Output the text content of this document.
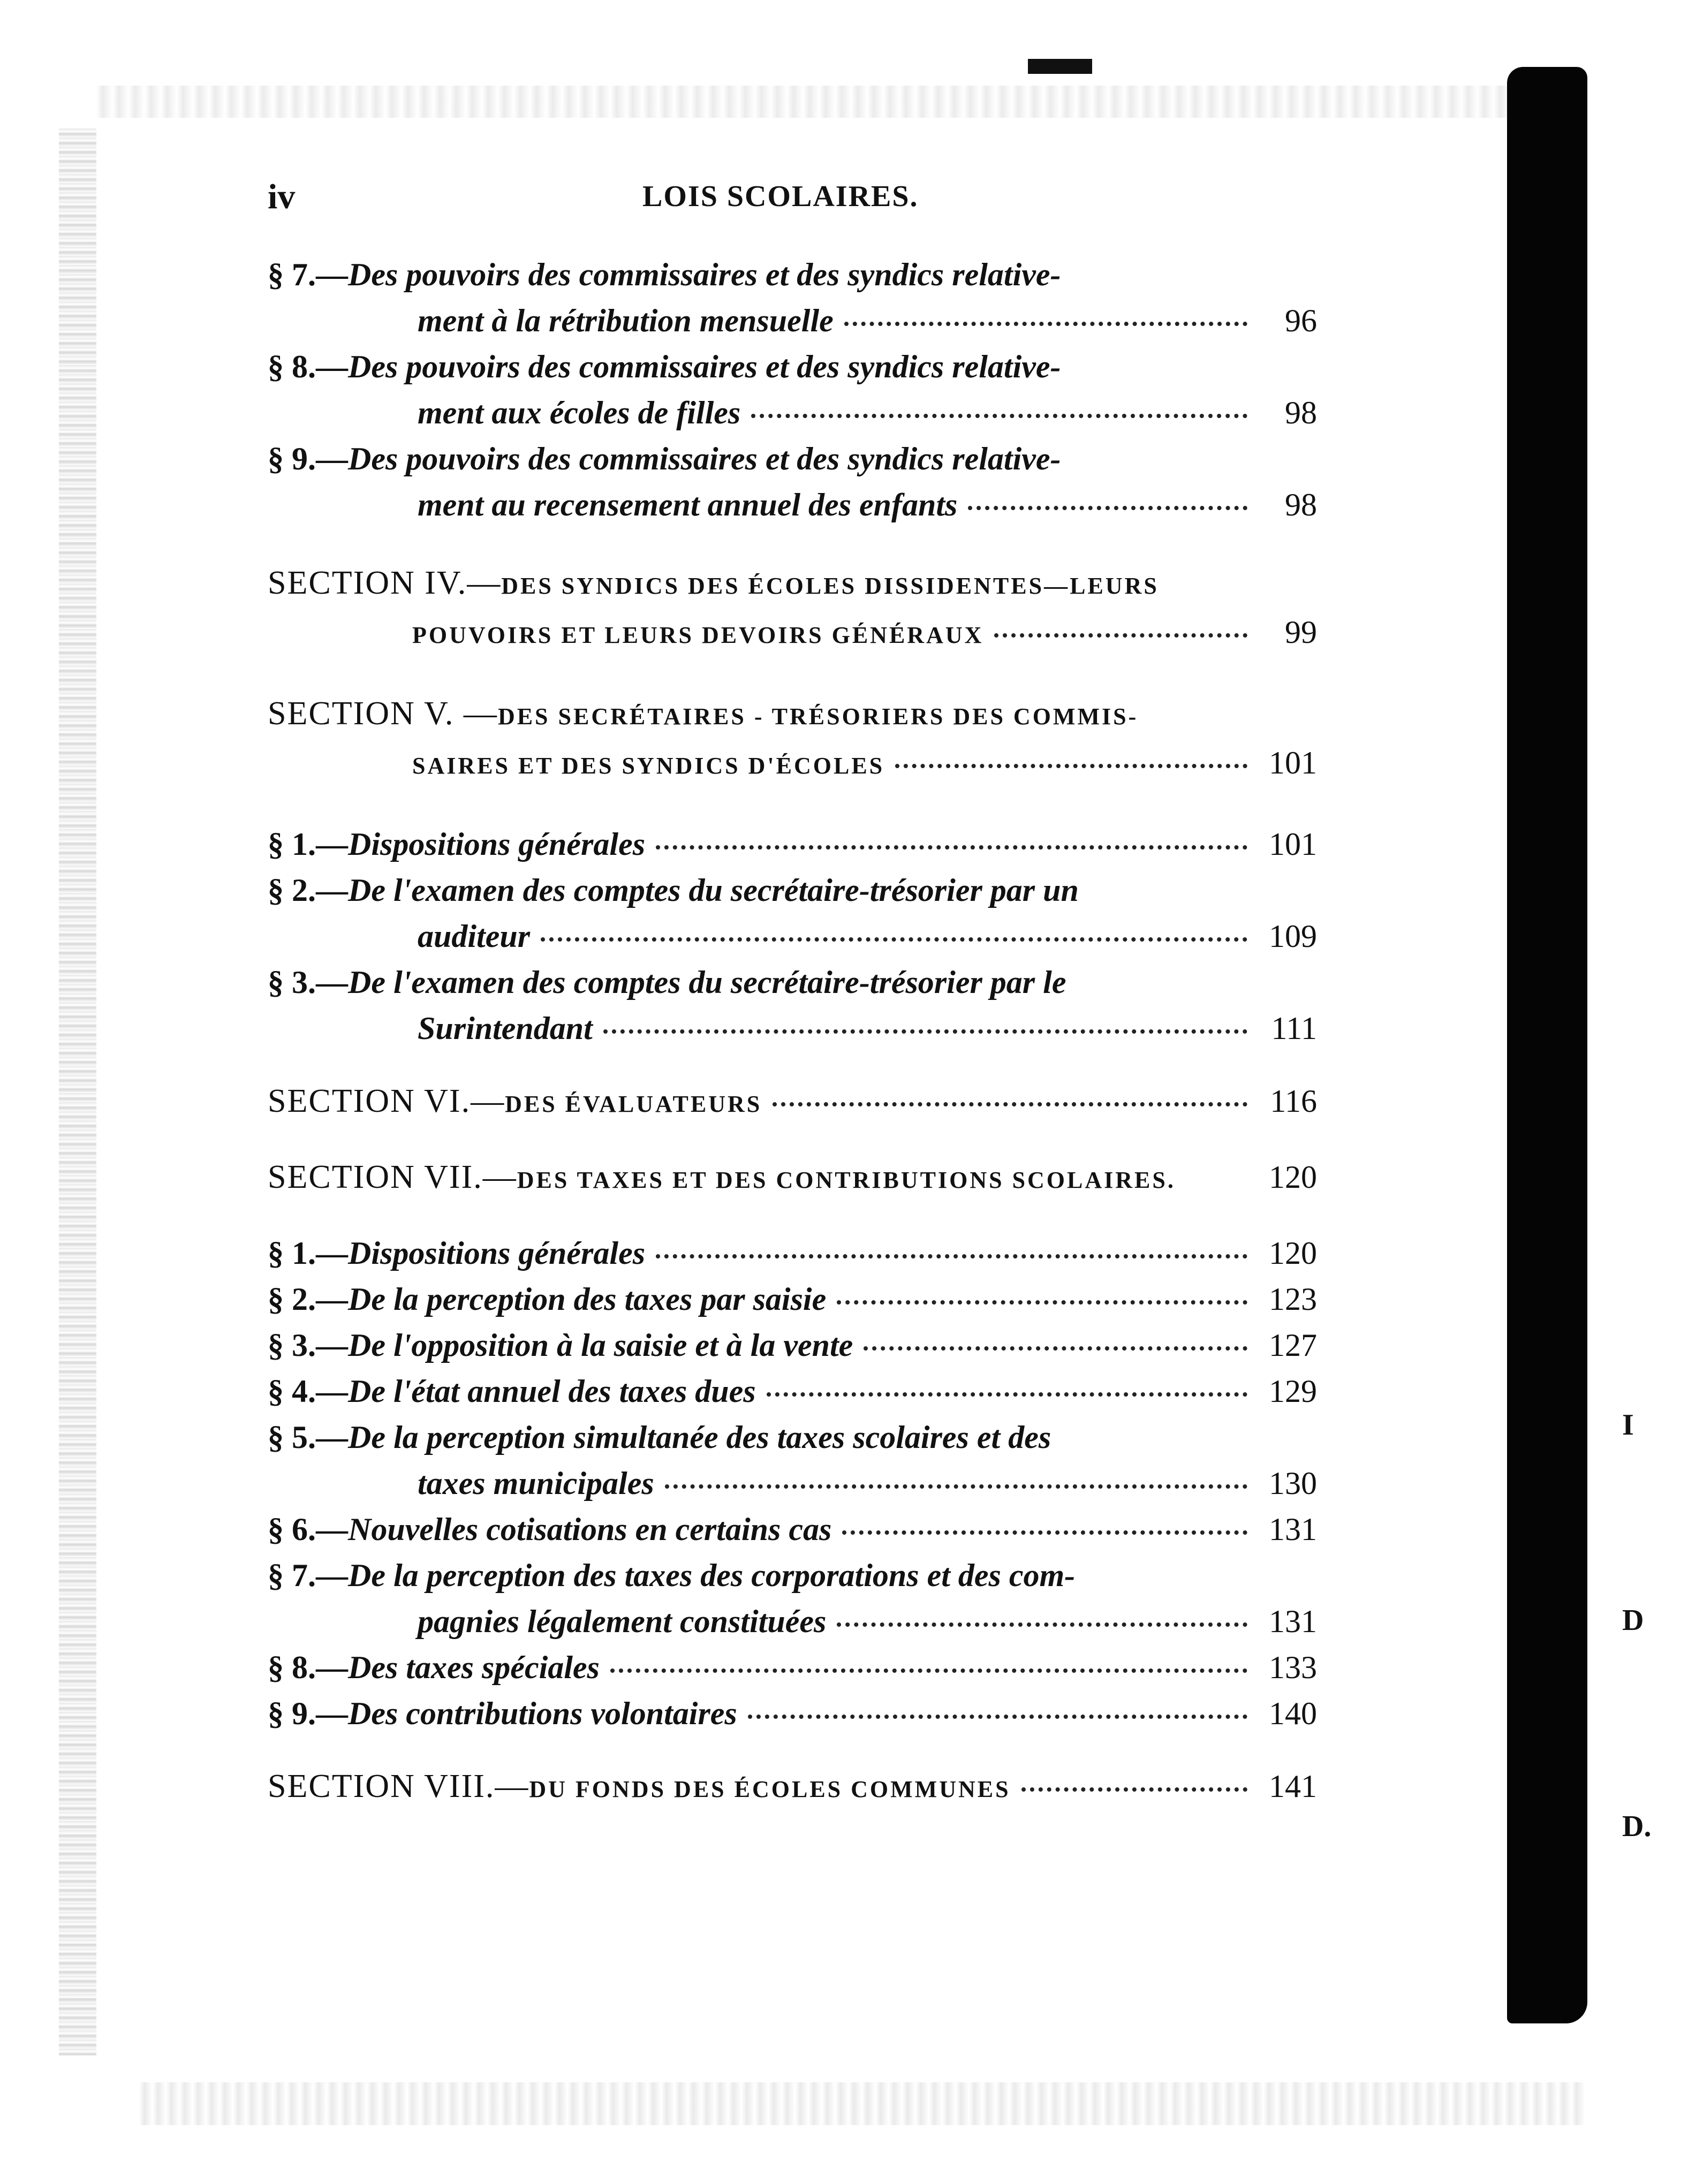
I
D
D.
iv	LOIS SCOLAIRES.
§ 7.— Des pouvoirs des commissaires et des syndics relative-
ment à la rétribution mensuelle	96
§ 8.— Des pouvoirs des commissaires et des syndics relative-
ment aux écoles de filles	98
§ 9.— Des pouvoirs des commissaires et des syndics relative-
ment au recensement annuel des enfants	98
SECTION IV.— DES SYNDICS DES ÉCOLES DISSIDENTES—LEURS
POUVOIRS ET LEURS DEVOIRS GÉNÉRAUX	99
SECTION V. — DES SECRÉTAIRES - TRÉSORIERS DES COMMIS-
SAIRES ET DES SYNDICS D'ÉCOLES	101
§ 1.— Dispositions générales	101
§ 2.— De l'examen des comptes du secrétaire-trésorier par un
auditeur	109
§ 3.— De l'examen des comptes du secrétaire-trésorier par le
Surintendant	111
SECTION VI.— DES ÉVALUATEURS	116
SECTION VII.— DES TAXES ET DES CONTRIBUTIONS SCOLAIRES.	120
§ 1.— Dispositions générales	120
§ 2.— De la perception des taxes par saisie	123
§ 3.— De l'opposition à la saisie et à la vente	127
§ 4.— De l'état annuel des taxes dues	129
§ 5.— De la perception simultanée des taxes scolaires et des
taxes municipales	130
§ 6.— Nouvelles cotisations en certains cas	131
§ 7.— De la perception des taxes des corporations et des com-
pagnies légalement constituées	131
§ 8.— Des taxes spéciales	133
§ 9.— Des contributions volontaires	140
SECTION VIII.— DU FONDS DES ÉCOLES COMMUNES	141
